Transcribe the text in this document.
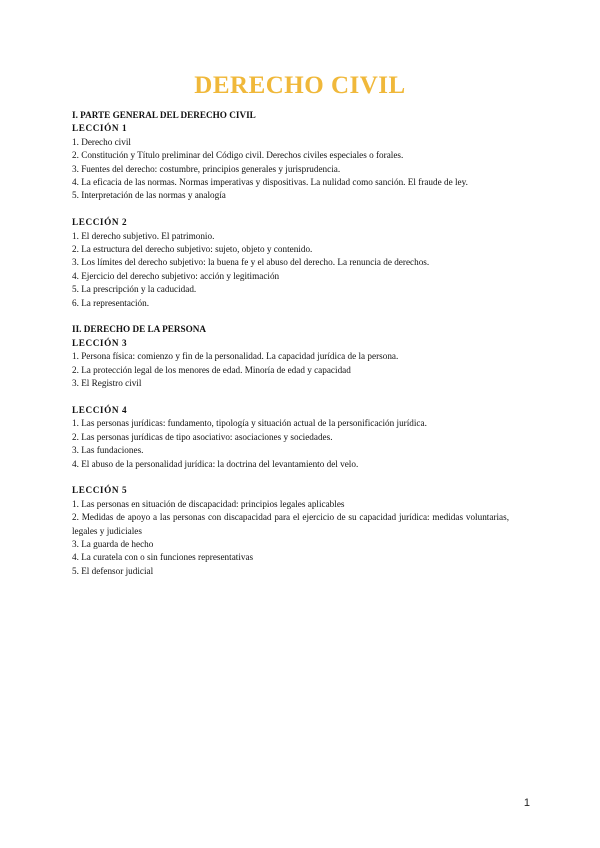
DERECHO CIVIL
I. PARTE GENERAL DEL DERECHO CIVIL
LECCIÓN 1
1. Derecho civil
2. Constitución y Título preliminar del Código civil. Derechos civiles especiales o forales.
3. Fuentes del derecho: costumbre, principios generales y jurisprudencia.
4. La eficacia de las normas. Normas imperativas y dispositivas. La nulidad como sanción. El fraude de ley.
5. Interpretación de las normas y analogía
LECCIÓN 2
1. El derecho subjetivo. El patrimonio.
2. La estructura del derecho subjetivo: sujeto, objeto y contenido.
3. Los límites del derecho subjetivo: la buena fe y el abuso del derecho. La renuncia de derechos.
4. Ejercicio del derecho subjetivo: acción y legitimación
5. La prescripción y la caducidad.
6. La representación.
II. DERECHO DE LA PERSONA
LECCIÓN 3
1. Persona física: comienzo y fin de la personalidad. La capacidad jurídica de la persona.
2. La protección legal de los menores de edad. Minoría de edad y capacidad
3. El Registro civil
LECCIÓN 4
1. Las personas jurídicas: fundamento, tipología y situación actual de la personificación jurídica.
2. Las personas jurídicas de tipo asociativo: asociaciones y sociedades.
3. Las fundaciones.
4. El abuso de la personalidad jurídica: la doctrina del levantamiento del velo.
LECCIÓN 5
1. Las personas en situación de discapacidad: principios legales aplicables
2. Medidas de apoyo a las personas con discapacidad para el ejercicio de su capacidad jurídica: medidas voluntarias, legales y judiciales
3. La guarda de hecho
4. La curatela con o sin funciones representativas
5. El defensor judicial
1
